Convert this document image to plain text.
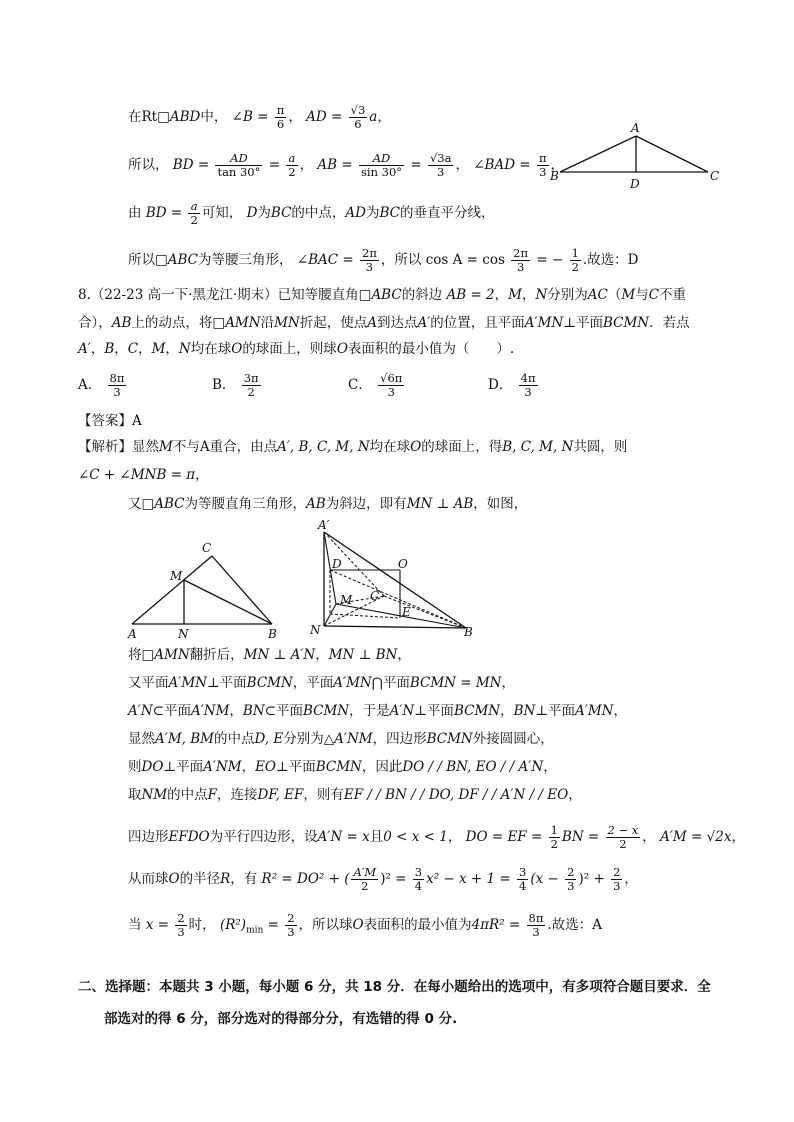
在Rt□ABD中， ∠B = $\frac{\pi}{6}$ ， AD = $\frac{√3}{6}$ a，
所以， BD = $\frac{AD}{\tan 30^\circ} = \frac{a}{2}$ ， AB = $\frac{AD}{\sin 30^\circ} = \frac{√3a}{3}$ ， ∠BAD = $\frac{\pi}{3}$ ，
由 BD = $\frac{a}{2}$ 可知， D为BC的中点，AD为BC的垂直平分线，
所以□ABC为等腰三角形， ∠BAC = $\frac{2\pi}{3}$ ，所以 $\cos A = \cos \frac{2\pi}{3}$ = − $\frac{1}{2}$ .故选：D
A
B	C
D
8.（22-23 高一下·黑龙江·期末）已知等腰直角□ABC的斜边 AB = 2，M，N分别为AC（M与C不重
合），AB上的动点，将□AMN沿MN折起，使点A到达点A′的位置，且平面A′MN⊥平面BCMN．若点
A′，B，C，M，N均在球O的球面上，则球O表面积的最小值为（　　）.
A． $\frac{8\pi}{3}$	B． $\frac{3\pi}{2}$	C． $\frac{√6\pi}{3}$	D． $\frac{4\pi}{3}$
【答案】A
【解析】显然M不与A重合，由点A′, B, C, M, N均在球O的球面上，得B, C, M, N共圆，则
∠C + ∠MNB = π，
又□ABC为等腰直角三角形，AB为斜边，即有MN ⊥ AB，如图，
C
M
A	N	B
A′
D	O
M C
E
N	B
将□AMN翻折后，MN ⊥ A′N，MN ⊥ BN，
又平面A′MN⊥平面BCMN，平面A′MN⋂平面BCMN = MN，
A′N⊂平面A′NM，BN⊂平面BCMN，于是A′N⊥平面BCMN，BN⊥平面A′MN，
显然A′M, BM的中点D, E分别为△A′NM，四边形BCMN外接圆圆心，
则DO⊥平面A′NM，EO⊥平面BCMN，因此DO / / BN, EO / / A′N，
取NM的中点F，连接DF, EF，则有EF / / BN / / DO, DF / / A′N / / EO，
四边形EFDO为平行四边形，设A′N = x且0 < x < 1， DO = EF = $\frac{1}{2}$ BN = $\frac{2 - x}{2}$ ， A′M = √2x，
从而球O的半径R，有 R² = DO² + ( $\frac{A'M}{2} )^2 = \frac{3}{4} x^2 - x + 1 = \frac{3}{4} (x - \frac{2}{3} )^2 + \frac{2}{3}$ ，
当 $x = \frac{2}{3}$ 时， $(R^2)_{min} = \frac{2}{3}$ ，所以球O表面积的最小值为$4\pi R^2 = \frac{8\pi}{3}$ .故选：A
二、选择题：本题共 3 小题，每小题 6 分，共 18 分．在每小题给出的选项中，有多项符合题目要求．全
部选对的得 6 分，部分选对的得部分分，有选错的得 0 分.
